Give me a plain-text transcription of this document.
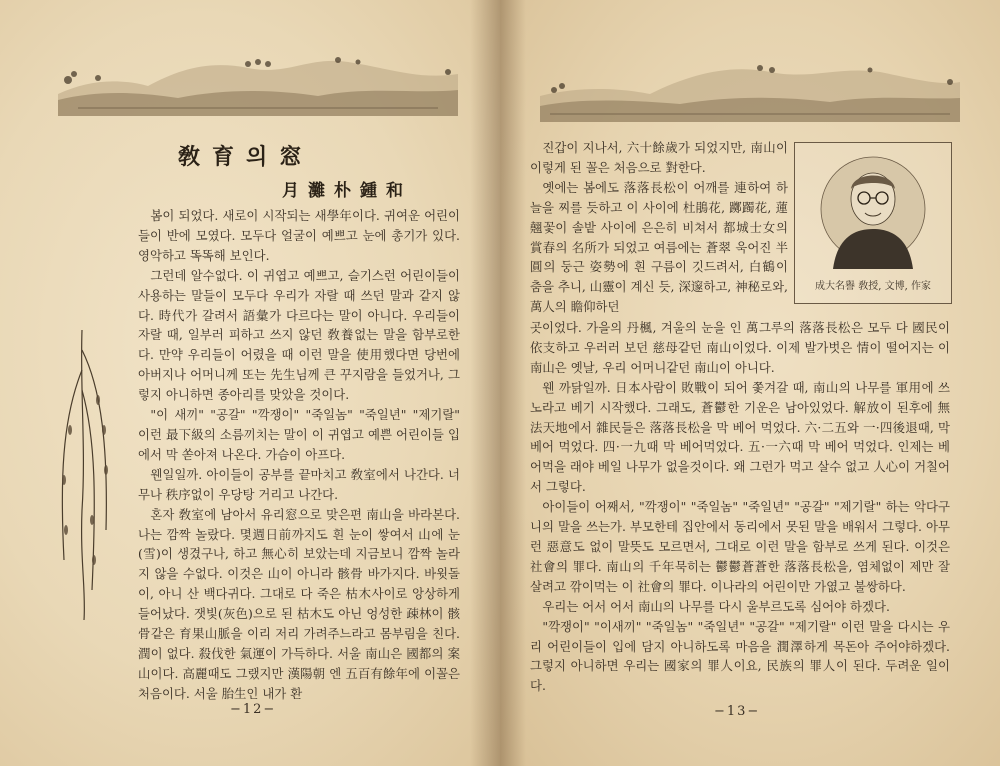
敎育의窓
月灘朴鍾和

봄이 되었다. 새로이 시작되는 새學年이다. 귀여운 어린이들이 반에 모였다. 모두다 얼굴이 예쁘고 눈에 총기가 있다. 영악하고 똑똑해 보인다.

그런데 알수없다. 이 귀엽고 예쁘고, 슬기스런 어린이들이 사용하는 말들이 모두다 우리가 자랄 때 쓰던 말과 같지 않다. 時代가 갈려서 語彙가 다르다는 말이 아니다. 우리들이 자랄 때, 일부러 피하고 쓰지 않던 敎養없는 말을 함부로한다. 만약 우리들이 어렸을 때 이런 말을 使用했다면 당번에 아버지나 어머니께 또는 先生님께 큰 꾸지람을 들었거나, 그렇지 아니하면 종아리를 맞았을 것이다.

"이 새끼" "공갈" "깍쟁이" "죽일놈" "죽일년" "제기랄" 이런 最下級의 소름끼치는 말이 이 귀엽고 예쁜 어린이들 입에서 막 쏟아져 나온다. 가슴이 아프다.

웬일일까. 아이들이 공부를 끝마치고 敎室에서 나간다. 너무나 秩序없이 우당탕 거리고 나간다.

혼자 敎室에 남아서 유리窓으로 맞은편 南山을 바라본다. 나는 깜짝 놀랐다. 몇週日前까지도 흰 눈이 쌓여서 山에 눈(雪)이 생겼구나, 하고 無心히 보았는데 지금보니 깜짝 놀라지 않을 수없다. 이것은 山이 아니라 骸骨 바가지다. 바윗돌이, 아니 산 백다귀다. 그대로 다 죽은 枯木사이로 앙상하게 들어났다. 잿빛(灰色)으로 된 枯木도 아닌 엉성한 疎林이 骸骨같은 育果山脈을 이리 저리 가려주느라고 몸부림을 친다. 潤이 없다. 殺伐한 氣運이 가득하다. 서울 南山은 國都의 案山이다. 高麗때도 그랬지만 漢陽朝 엔 五百有餘年에 이꼴은 처음이다. 서울 胎生인 내가 환

−12−
成大名譽 敎授, 文博, 作家

진갑이 지나서, 六十餘歲가 되었지만, 南山이 이렇게 된 꼴은 처음으로 對한다.

옛에는 봄에도 落落長松이 어깨를 連하여 하늘을 찌를 듯하고 이 사이에 杜鵑花, 躑躅花, 蓮翹꽃이 솔밭 사이에 은은히 비쳐서 都城士女의 賞春의 名所가 되었고 여름에는 蒼翠 욱어진 半圓의 둥근 姿勢에 흰 구름이 깃드려서, 白鶴이 춤을 추니, 山靈이 계신 듯, 深邃하고, 神秘로와, 萬人의 瞻仰하던

곳이었다. 가을의 丹楓, 겨울의 눈을 인 萬그루의 落落長松은 모두 다 國民이 依支하고 우러러 보던 慈母같던 南山이었다. 이제 발가벗은 情이 떨어지는 이 南山은 옛날, 우리 어머니같던 南山이 아니다.

웬 까닭일까. 日本사람이 敗戰이 되어 쫓겨갈 때, 南山의 나무를 軍用에 쓰노라고 베기 시작했다. 그래도, 蒼鬱한 기운은 남아있었다. 解放이 된후에 無法天地에서 雜民들은 落落長松을 막 베어 먹었다. 六·二五와 一·四後退때, 막 베어 먹었다. 四·一九때 막 베어먹었다. 五·一六때 막 베어 먹었다. 인제는 베어먹을 래야 베일 나무가 없을것이다. 왜 그런가 먹고 살수 없고 人心이 거칠어서 그렇다.

아이들이 어째서, "깍쟁이" "죽일놈" "죽일년" "공갈" "제기랄" 하는 악다구니의 말을 쓰는가. 부모한테 집안에서 동리에서 못된 말을 배워서 그렇다. 아무런 惡意도 없이 말뜻도 모르면서, 그대로 이런 말을 함부로 쓰게 된다. 이것은 社會의 罪다. 南山의 千年묵히는 鬱鬱蒼蒼한 落落長松을, 염체없이 제만 잘 살려고 깎이먹는 이 社會의 罪다. 이나라의 어린이만 가엾고 불쌍하다.

우리는 어서 어서 南山의 나무를 다시 울부르도록 심어야 하겠다.

"깍쟁이" "이새끼" "죽일놈" "죽일년" "공갈" "제기랄" 이런 말을 다시는 우리 어린이들이 입에 담지 아니하도록 마음을 潤澤하게 목돈아 주어야하겠다. 그렇지 아니하면 우리는 國家의 罪人이요, 民族의 罪人이 된다. 두려운 일이다.

−13−
